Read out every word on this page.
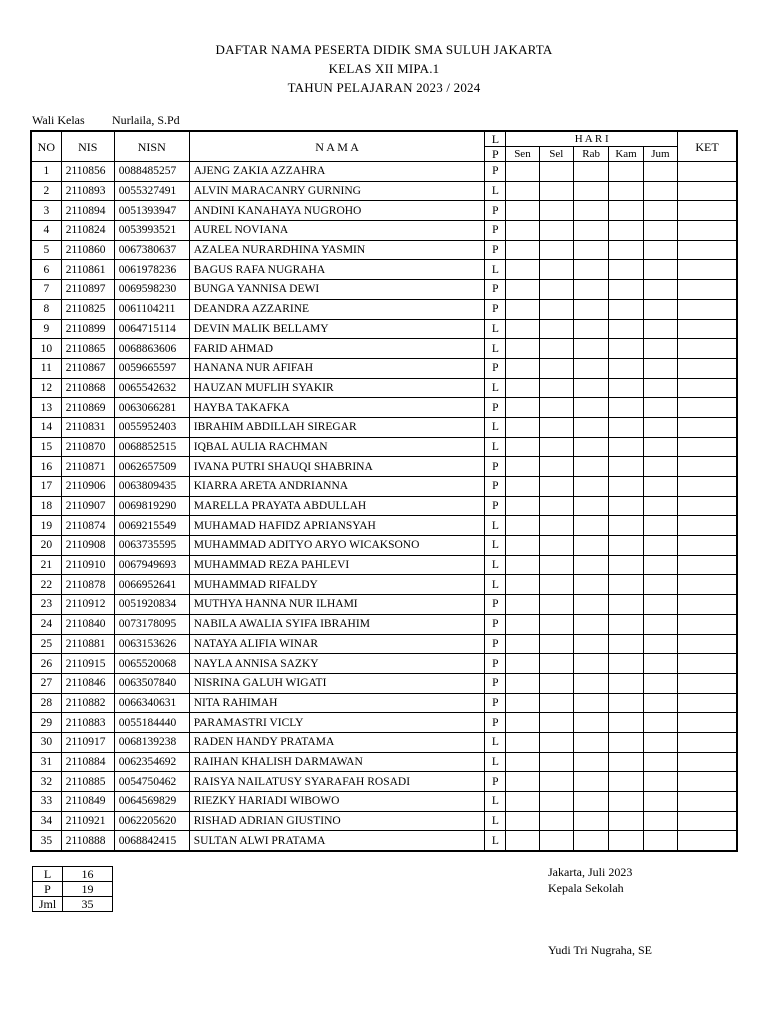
DAFTAR NAMA PESERTA DIDIK SMA SULUH JAKARTA
KELAS XII MIPA.1
TAHUN PELAJARAN 2023 / 2024
Wali Kelas Nurlaila, S.Pd
NO	NIS	NISN	N A M A	L	H A R I					KET
				P	Sen	Sel	Rab	Kam	Jum	
1	2110856	0088485257	AJENG ZAKIA AZZAHRA	P						
2	2110893	0055327491	ALVIN MARACANRY GURNING	L						
3	2110894	0051393947	ANDINI KANAHAYA NUGROHO	P						
4	2110824	0053993521	AUREL NOVIANA	P						
5	2110860	0067380637	AZALEA NURARDHINA YASMIN	P						
6	2110861	0061978236	BAGUS RAFA NUGRAHA	L						
7	2110897	0069598230	BUNGA YANNISA DEWI	P						
8	2110825	0061104211	DEANDRA AZZARINE	P						
9	2110899	0064715114	DEVIN MALIK BELLAMY	L						
10	2110865	0068863606	FARID AHMAD	L						
11	2110867	0059665597	HANANA NUR AFIFAH	P						
12	2110868	0065542632	HAUZAN MUFLIH SYAKIR	L						
13	2110869	0063066281	HAYBA TAKAFKA	P						
14	2110831	0055952403	IBRAHIM ABDILLAH SIREGAR	L						
15	2110870	0068852515	IQBAL AULIA RACHMAN	L						
16	2110871	0062657509	IVANA PUTRI SHAUQI SHABRINA	P						
17	2110906	0063809435	KIARRA ARETA ANDRIANNA	P						
18	2110907	0069819290	MARELLA PRAYATA ABDULLAH	P						
19	2110874	0069215549	MUHAMAD HAFIDZ APRIANSYAH	L						
20	2110908	0063735595	MUHAMMAD ADITYO ARYO WICAKSONO	L						
21	2110910	0067949693	MUHAMMAD REZA PAHLEVI	L						
22	2110878	0066952641	MUHAMMAD RIFALDY	L						
23	2110912	0051920834	MUTHYA HANNA NUR ILHAMI	P						
24	2110840	0073178095	NABILA AWALIA SYIFA IBRAHIM	P						
25	2110881	0063153626	NATAYA ALIFIA WINAR	P						
26	2110915	0065520068	NAYLA ANNISA SAZKY	P						
27	2110846	0063507840	NISRINA GALUH WIGATI	P						
28	2110882	0066340631	NITA RAHIMAH	P						
29	2110883	0055184440	PARAMASTRI VICLY	P						
30	2110917	0068139238	RADEN HANDY PRATAMA	L						
31	2110884	0062354692	RAIHAN KHALISH DARMAWAN	L						
32	2110885	0054750462	RAISYA NAILATUSY SYARAFAH ROSADI	P						
33	2110849	0064569829	RIEZKY HARIADI WIBOWO	L						
34	2110921	0062205620	RISHAD ADRIAN GIUSTINO	L						
35	2110888	0068842415	SULTAN ALWI PRATAMA	L						
L	16
P	19
Jml	35
Jakarta, Juli 2023
Kepala Sekolah
Yudi Tri Nugraha, SE
